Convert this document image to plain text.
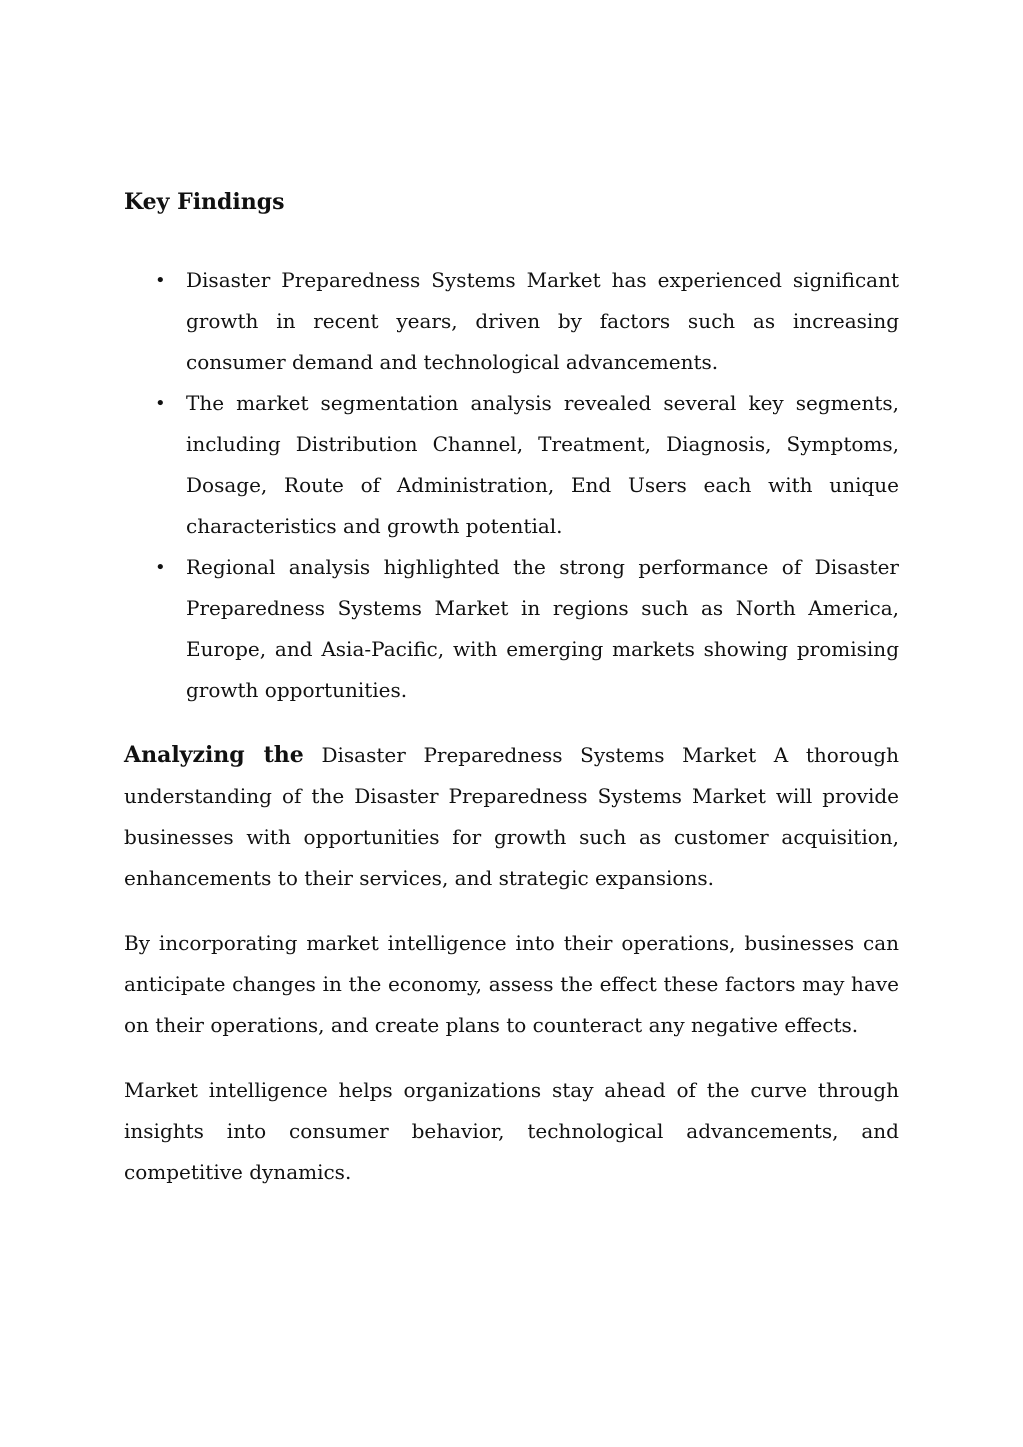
Key Findings
• Disaster Preparedness Systems Market has experienced significant growth in recent years, driven by factors such as increasing consumer demand and technological advancements.
• The market segmentation analysis revealed several key segments, including Distribution Channel, Treatment, Diagnosis, Symptoms, Dosage, Route of Administration, End Users each with unique characteristics and growth potential.
• Regional analysis highlighted the strong performance of Disaster Preparedness Systems Market in regions such as North America, Europe, and Asia-Pacific, with emerging markets showing promising growth opportunities.

Analyzing the Disaster Preparedness Systems Market A thorough understanding of the Disaster Preparedness Systems Market will provide businesses with opportunities for growth such as customer acquisition, enhancements to their services, and strategic expansions.

By incorporating market intelligence into their operations, businesses can anticipate changes in the economy, assess the effect these factors may have on their operations, and create plans to counteract any negative effects.

Market intelligence helps organizations stay ahead of the curve through insights into consumer behavior, technological advancements, and competitive dynamics.
